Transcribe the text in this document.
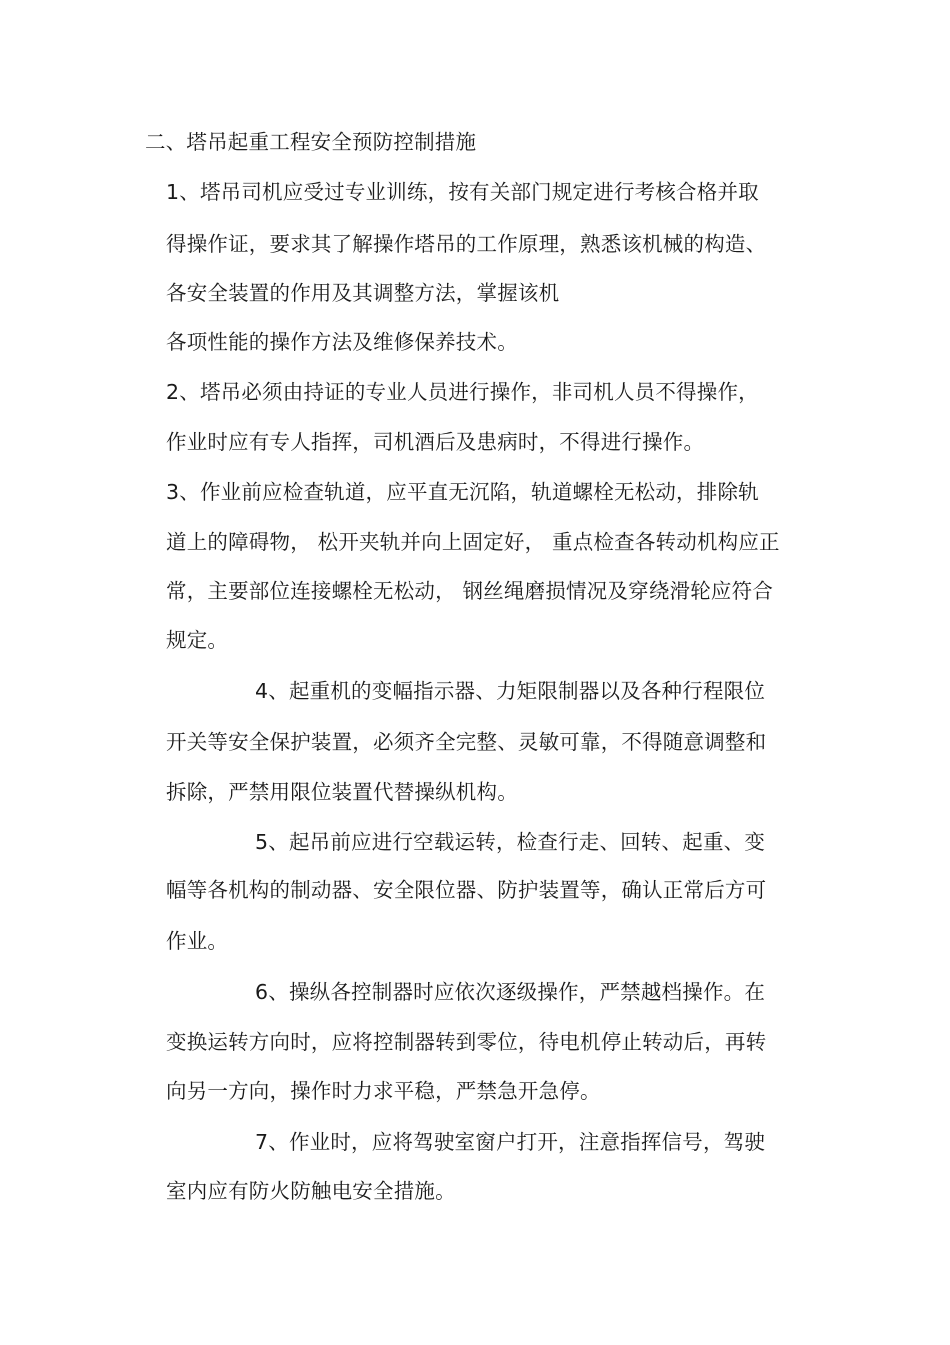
二、塔吊起重工程安全预防控制措施
1、塔吊司机应受过专业训练，按有关部门规定进行考核合格并取
得操作证，要求其了解操作塔吊的工作原理，熟悉该机械的构造、
各安全装置的作用及其调整方法，掌握该机
各项性能的操作方法及维修保养技术。
2、塔吊必须由持证的专业人员进行操作，非司机人员不得操作，
作业时应有专人指挥，司机酒后及患病时，不得进行操作。
3、作业前应检查轨道，应平直无沉陷，轨道螺栓无松动，排除轨
道上的障碍物， 松开夹轨并向上固定好， 重点检查各转动机构应正
常，主要部位连接螺栓无松动， 钢丝绳磨损情况及穿绕滑轮应符合
规定。
4、起重机的变幅指示器、力矩限制器以及各种行程限位
开关等安全保护装置，必须齐全完整、灵敏可靠，不得随意调整和
拆除，严禁用限位装置代替操纵机构。
5、起吊前应进行空载运转，检查行走、回转、起重、变
幅等各机构的制动器、安全限位器、防护装置等，确认正常后方可
作业。
6、操纵各控制器时应依次逐级操作，严禁越档操作。在
变换运转方向时，应将控制器转到零位，待电机停止转动后，再转
向另一方向，操作时力求平稳，严禁急开急停。
7、作业时，应将驾驶室窗户打开，注意指挥信号，驾驶
室内应有防火防触电安全措施。
